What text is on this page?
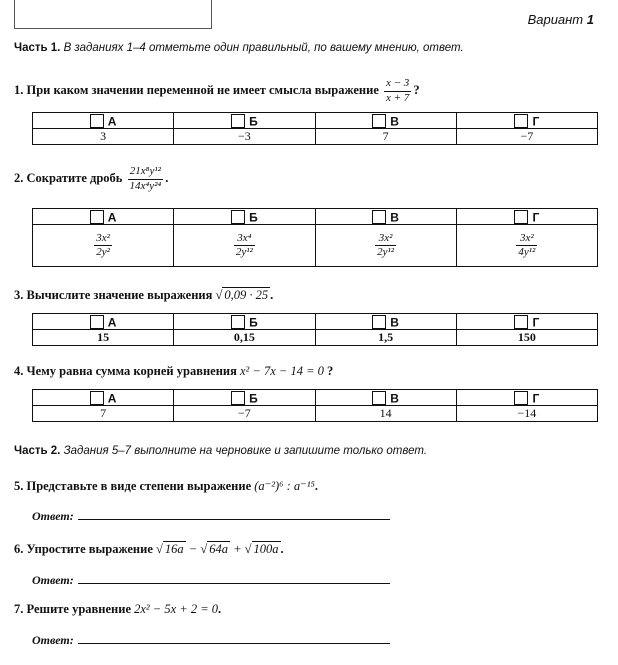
Вариант 1
Часть 1. В заданиях 1–4 отметьте один правильный, по вашему мнению, ответ.
1. При каком значении переменной не имеет смысла выражение $\frac{x - 3}{x + 7}$ ?
А	Б	В	Г
3	−3	7	−7
2. Сократите дробь $\frac{\text{21x⁸y¹²}}{\text{14x⁴y²⁴}}$ .
А	Б	В	Г

$\frac{\text{3x²}}{\text{2y²}}$	$\frac{\text{3x⁴}}{\text{2y¹²}}$	$\frac{\text{3x²}}{\text{2y¹²}}$	$\frac{\text{3x²}}{\text{4y¹²}}$
3. Вычислите значение выражения √ 0,09 · 25 .
А	Б	В	Г
15	0,15	1,5	150
4. Чему равна сумма корней уравнения x² − 7x − 14 = 0 ?
А	Б	В	Г
7	−7	14	−14
Часть 2. Задания 5–7 выполните на черновике и запишите только ответ.
5. Представьте в виде степени выражение (a⁻²)⁶ : a⁻¹⁵.
Ответ:
6. Упростите выражение √ 16a − √ 64a + √ 100a .
Ответ:
7. Решите уравнение 2x² − 5x + 2 = 0.
Ответ:
